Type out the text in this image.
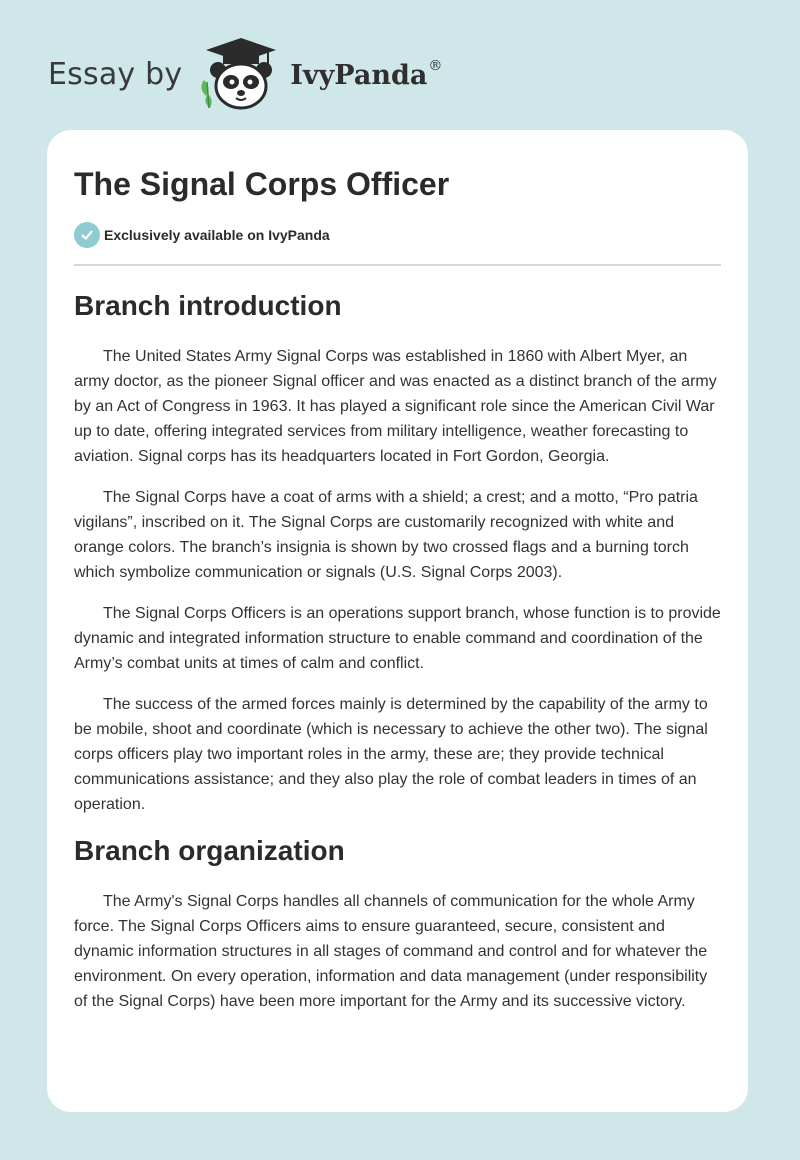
Essay by	IvyPanda®
The Signal Corps Officer
Exclusively available on IvyPanda
Branch introduction

The United States Army Signal Corps was established in 1860 with Albert Myer, an army doctor, as the pioneer Signal officer and was enacted as a distinct branch of the army by an Act of Congress in 1963. It has played a significant role since the American Civil War up to date, offering integrated services from military intelligence, weather forecasting to aviation. Signal corps has its headquarters located in Fort Gordon, Georgia.

The Signal Corps have a coat of arms with a shield; a crest; and a motto, “Pro patria vigilans”, inscribed on it. The Signal Corps are customarily recognized with white and orange colors. The branch’s insignia is shown by two crossed flags and a burning torch which symbolize communication or signals (U.S. Signal Corps 2003).

The Signal Corps Officers is an operations support branch, whose function is to provide dynamic and integrated information structure to enable command and coordination of the Army’s combat units at times of calm and conflict.

The success of the armed forces mainly is determined by the capability of the army to be mobile, shoot and coordinate (which is necessary to achieve the other two). The signal corps officers play two important roles in the army, these are; they provide technical communications assistance; and they also play the role of combat leaders in times of an operation.

Branch organization

The Army's Signal Corps handles all channels of communication for the whole Army force. The Signal Corps Officers aims to ensure guaranteed, secure, consistent and dynamic information structures in all stages of command and control and for whatever the environment. On every operation, information and data management (under responsibility of the Signal Corps) have been more important for the Army and its successive victory.
